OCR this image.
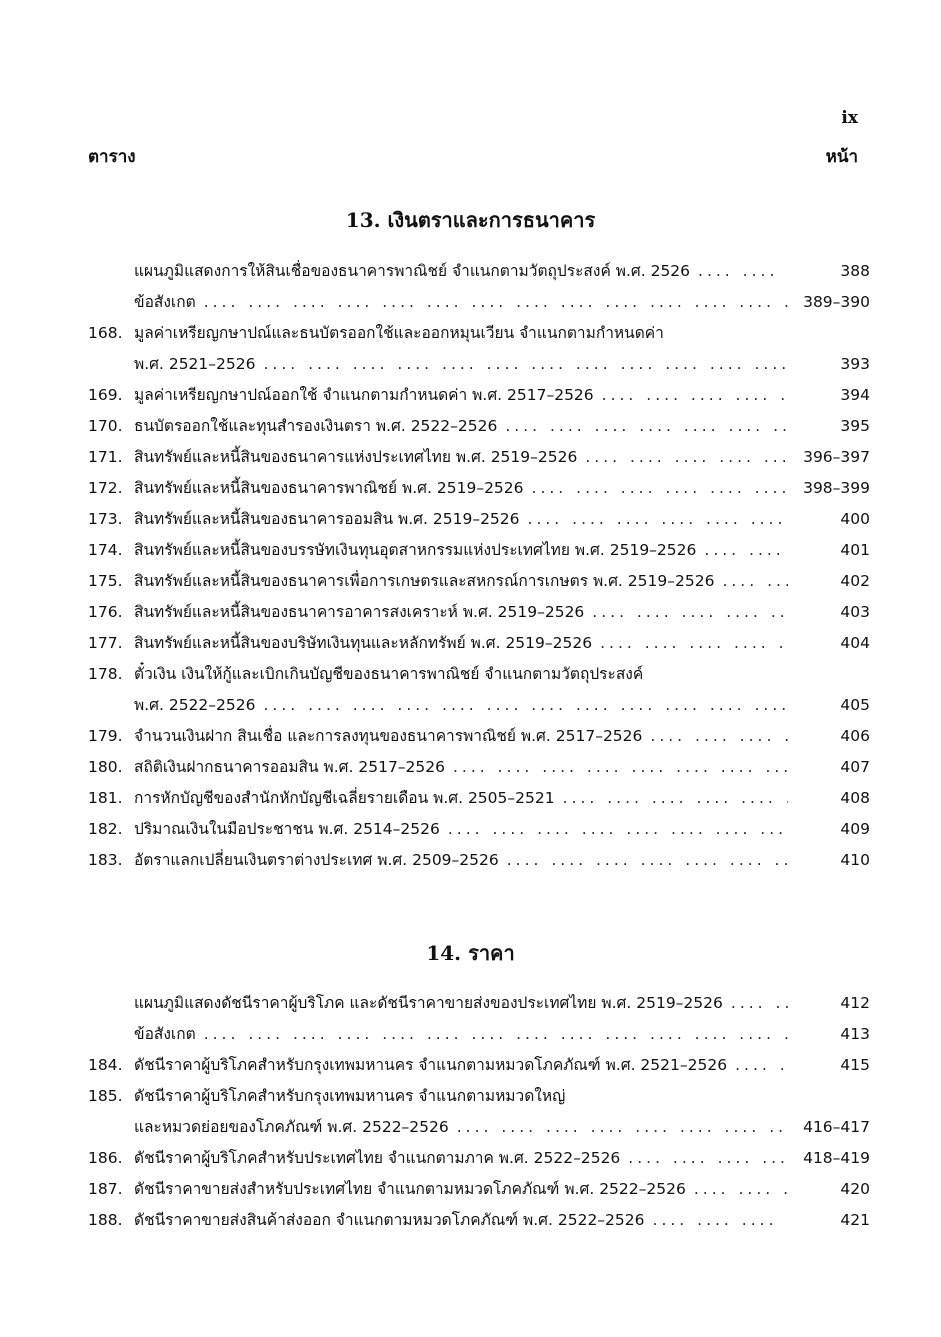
ix
ตาราง	หน้า
13. เงินตราและการธนาคาร
แผนภูมิแสดงการให้สินเชื่อของธนาคารพาณิชย์ จำแนกตามวัตถุประสงค์ พ.ศ. 2526 ....	388
ข้อสังเกต ....	389–390
168. มูลค่าเหรียญกษาปณ์และธนบัตรออกใช้และออกหมุนเวียน จำแนกตามกำหนดค่า
พ.ศ. 2521–2526 ....	393
169. มูลค่าเหรียญกษาปณ์ออกใช้ จำแนกตามกำหนดค่า พ.ศ. 2517–2526 ....	394
170. ธนบัตรออกใช้และทุนสำรองเงินตรา พ.ศ. 2522–2526 ....	395
171. สินทรัพย์และหนี้สินของธนาคารแห่งประเทศไทย พ.ศ. 2519–2526 ....	396–397
172. สินทรัพย์และหนี้สินของธนาคารพาณิชย์ พ.ศ. 2519–2526 ....	398–399
173. สินทรัพย์และหนี้สินของธนาคารออมสิน พ.ศ. 2519–2526 ....	400
174. สินทรัพย์และหนี้สินของบรรษัทเงินทุนอุตสาหกรรมแห่งประเทศไทย พ.ศ. 2519–2526 ....	401
175. สินทรัพย์และหนี้สินของธนาคารเพื่อการเกษตรและสหกรณ์การเกษตร พ.ศ. 2519–2526 ....	402
176. สินทรัพย์และหนี้สินของธนาคารอาคารสงเคราะห์ พ.ศ. 2519–2526 ....	403
177. สินทรัพย์และหนี้สินของบริษัทเงินทุนและหลักทรัพย์ พ.ศ. 2519–2526 ....	404
178. ตั๋วเงิน เงินให้กู้และเบิกเกินบัญชีของธนาคารพาณิชย์ จำแนกตามวัตถุประสงค์
พ.ศ. 2522–2526 ....	405
179. จำนวนเงินฝาก สินเชื่อ และการลงทุนของธนาคารพาณิชย์ พ.ศ. 2517–2526 ....	406
180. สถิติเงินฝากธนาคารออมสิน พ.ศ. 2517–2526 ....	407
181. การหักบัญชีของสำนักหักบัญชีเฉลี่ยรายเดือน พ.ศ. 2505–2521 ....	408
182. ปริมาณเงินในมือประชาชน พ.ศ. 2514–2526 ....	409
183. อัตราแลกเปลี่ยนเงินตราต่างประเทศ พ.ศ. 2509–2526 ....	410
14. ราคา
แผนภูมิแสดงดัชนีราคาผู้บริโภค และดัชนีราคาขายส่งของประเทศไทย พ.ศ. 2519–2526 ....	412
ข้อสังเกต ....	413
184. ดัชนีราคาผู้บริโภคสำหรับกรุงเทพมหานคร จำแนกตามหมวดโภคภัณฑ์ พ.ศ. 2521–2526 ....	415
185. ดัชนีราคาผู้บริโภคสำหรับกรุงเทพมหานคร จำแนกตามหมวดใหญ่
และหมวดย่อยของโภคภัณฑ์ พ.ศ. 2522–2526 ....	416–417
186. ดัชนีราคาผู้บริโภคสำหรับประเทศไทย จำแนกตามภาค พ.ศ. 2522–2526 ....	418–419
187. ดัชนีราคาขายส่งสำหรับประเทศไทย จำแนกตามหมวดโภคภัณฑ์ พ.ศ. 2522–2526 ....	420
188. ดัชนีราคาขายส่งสินค้าส่งออก จำแนกตามหมวดโภคภัณฑ์ พ.ศ. 2522–2526 ....	421
